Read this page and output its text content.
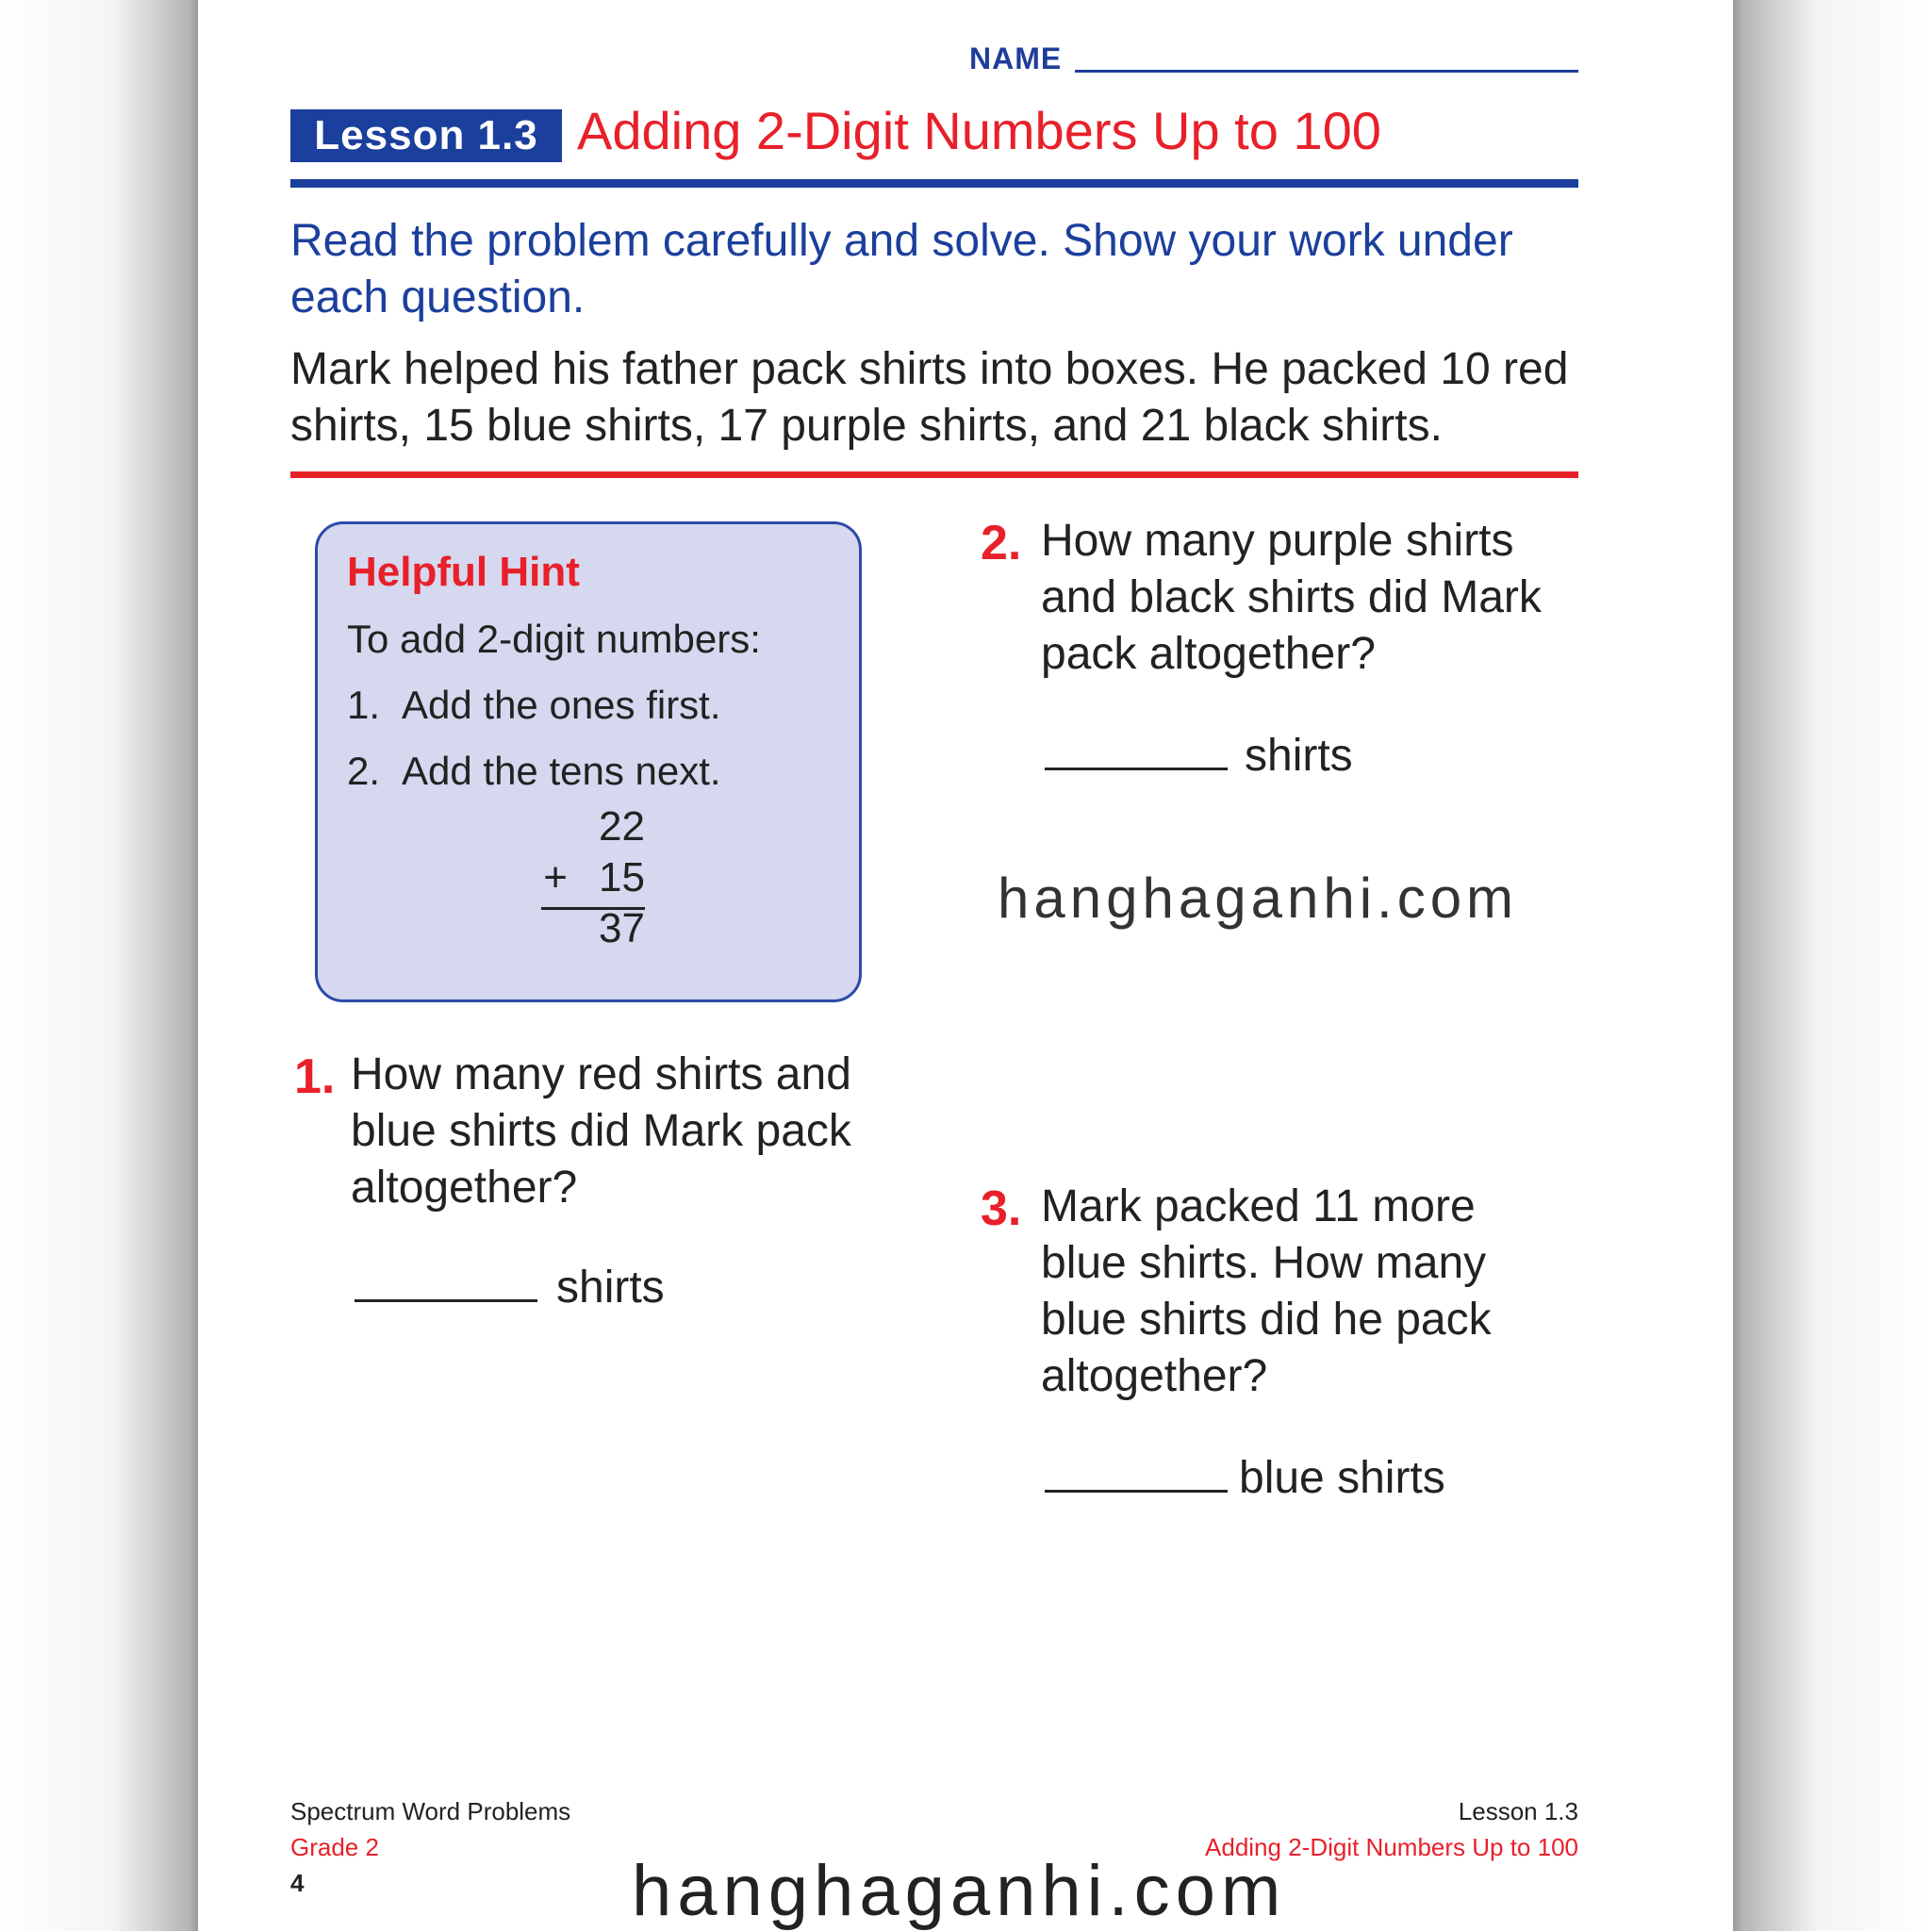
NAME
Lesson 1.3 Adding 2-Digit Numbers Up to 100
Read the problem carefully and solve. Show your work under each question.
Mark helped his father pack shirts into boxes. He packed 10 red shirts, 15 blue shirts, 17 purple shirts, and 21 black shirts.
Helpful Hint
To add 2-digit numbers:
1. Add the ones first.
2. Add the tens next.
22
+ 15
37
1. How many red shirts and blue shirts did Mark pack altogether?
shirts
2. How many purple shirts and black shirts did Mark pack altogether?
shirts
hanghaganhi.com
3. Mark packed 11 more blue shirts. How many blue shirts did he pack altogether?
blue shirts
Spectrum Word Problems
Grade 2
4
Lesson 1.3
Adding 2-Digit Numbers Up to 100
hanghaganhi.com
